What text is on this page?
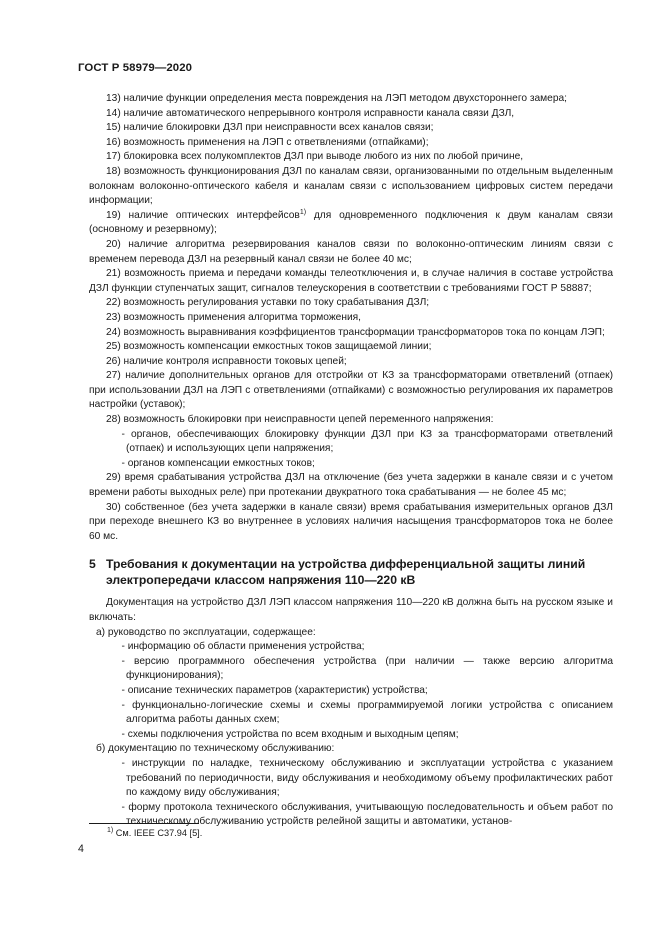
ГОСТ Р 58979—2020

13) наличие функции определения места повреждения на ЛЭП методом двухстороннего замера;

14) наличие автоматического непрерывного контроля исправности канала связи ДЗЛ,

15) наличие блокировки ДЗЛ при неисправности всех каналов связи;

16) возможность применения на ЛЭП с ответвлениями (отпайками);

17) блокировка всех полукомплектов ДЗЛ при выводе любого из них по любой причине,

18) возможность функционирования ДЗЛ по каналам связи, организованными по отдельным выделенным волокнам волоконно-оптического кабеля и каналам связи с использованием цифровых систем передачи информации;

19) наличие оптических интерфейсов$^{1)}$ для одновременного подключения к двум каналам связи (основному и резервному);

20) наличие алгоритма резервирования каналов связи по волоконно-оптическим линиям связи с временем перевода ДЗЛ на резервный канал связи не более 40 мс;

21) возможность приема и передачи команды телеотключения и, в случае наличия в составе устройства ДЗЛ функции ступенчатых защит, сигналов телеускорения в соответствии с требованиями ГОСТ Р 58887;

22) возможность регулирования уставки по току срабатывания ДЗЛ;

23) возможность применения алгоритма торможения,

24) возможность выравнивания коэффициентов трансформации трансформаторов тока по концам ЛЭП;

25) возможность компенсации емкостных токов защищаемой линии;

26) наличие контроля исправности токовых цепей;

27) наличие дополнительных органов для отстройки от КЗ за трансформаторами ответвлений (отпаек) при использовании ДЗЛ на ЛЭП с ответвлениями (отпайками) с возможностью регулирования их параметров настройки (уставок);

28) возможность блокировки при неисправности цепей переменного напряжения:

- органов, обеспечивающих блокировку функции ДЗЛ при КЗ за трансформаторами ответвлений (отпаек) и использующих цепи напряжения;

- органов компенсации емкостных токов;

29) время срабатывания устройства ДЗЛ на отключение (без учета задержки в канале связи и с учетом времени работы выходных реле) при протекании двукратного тока срабатывания — не более 45 мс;

30) собственное (без учета задержки в канале связи) время срабатывания измерительных органов ДЗЛ при переходе внешнего КЗ во внутреннее в условиях наличия насыщения трансформаторов тока не более 60 мс.

5 Требования к документации на устройства дифференциальной защиты линий электропередачи классом напряжения 110—220 кВ

Документация на устройство ДЗЛ ЛЭП классом напряжения 110—220 кВ должна быть на русском языке и включать:

а) руководство по эксплуатации, содержащее:

- информацию об области применения устройства;

- версию программного обеспечения устройства (при наличии — также версию алгоритма функционирования);

- описание технических параметров (характеристик) устройства;

- функционально-логические схемы и схемы программируемой логики устройства с описанием алгоритма работы данных схем;

- схемы подключения устройства по всем входным и выходным цепям;

б) документацию по техническому обслуживанию:

- инструкции по наладке, техническому обслуживанию и эксплуатации устройства с указанием требований по периодичности, виду обслуживания и необходимому объему профилактических работ по каждому виду обслуживания;

- форму протокола технического обслуживания, учитывающую последовательность и объем работ по техническому обслуживанию устройств релейной защиты и автоматики, установ-

$^{1)}$ См. IEEE C37.94 [5].
4
